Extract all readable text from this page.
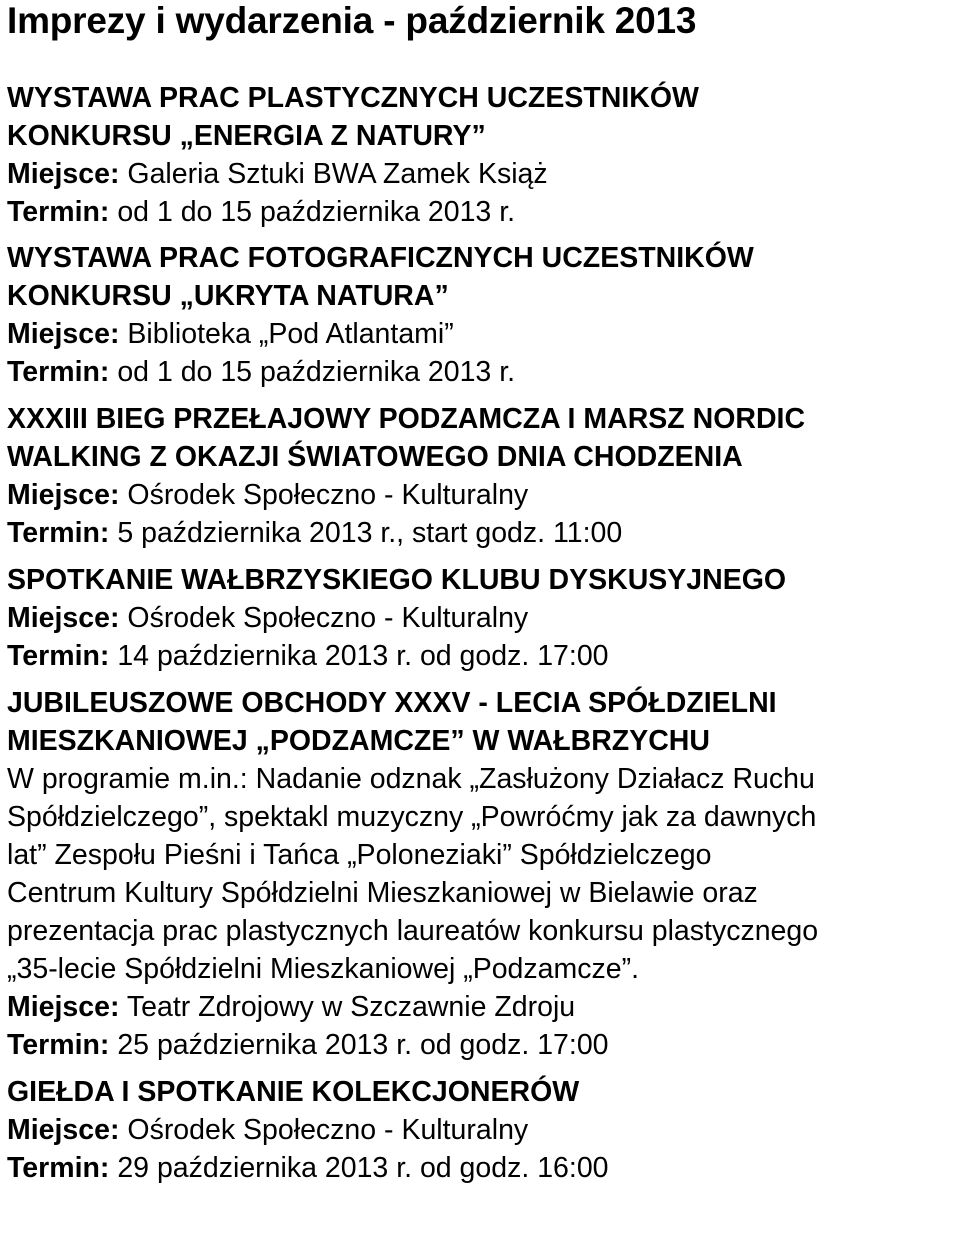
Imprezy i wydarzenia - październik 2013
WYSTAWA PRAC PLASTYCZNYCH UCZESTNIKÓW
KONKURSU „ENERGIA Z NATURY”
Miejsce: Galeria Sztuki BWA Zamek Książ
Termin: od 1 do 15 października 2013 r.
WYSTAWA PRAC FOTOGRAFICZNYCH UCZESTNIKÓW
KONKURSU „UKRYTA NATURA”
Miejsce: Biblioteka „Pod Atlantami”
Termin: od 1 do 15 października 2013 r.
XXXIII BIEG PRZEŁAJOWY PODZAMCZA I MARSZ NORDIC
WALKING Z OKAZJI ŚWIATOWEGO DNIA CHODZENIA
Miejsce: Ośrodek Społeczno - Kulturalny
Termin: 5 października 2013 r., start godz. 11:00
SPOTKANIE WAŁBRZYSKIEGO KLUBU DYSKUSYJNEGO
Miejsce: Ośrodek Społeczno - Kulturalny
Termin: 14 października 2013 r. od godz. 17:00
JUBILEUSZOWE OBCHODY XXXV - LECIA SPÓŁDZIELNI
MIESZKANIOWEJ „PODZAMCZE” W WAŁBRZYCHU
W programie m.in.: Nadanie odznak „Zasłużony Działacz Ruchu
Spółdzielczego”, spektakl muzyczny „Powróćmy jak za dawnych
lat” Zespołu Pieśni i Tańca „Poloneziaki” Spółdzielczego
Centrum Kultury Spółdzielni Mieszkaniowej w Bielawie oraz
prezentacja prac plastycznych laureatów konkursu plastycznego
„35-lecie Spółdzielni Mieszkaniowej „Podzamcze”.
Miejsce: Teatr Zdrojowy w Szczawnie Zdroju
Termin: 25 października 2013 r. od godz. 17:00
GIEŁDA I SPOTKANIE KOLEKCJONERÓW
Miejsce: Ośrodek Społeczno - Kulturalny
Termin: 29 października 2013 r. od godz. 16:00
